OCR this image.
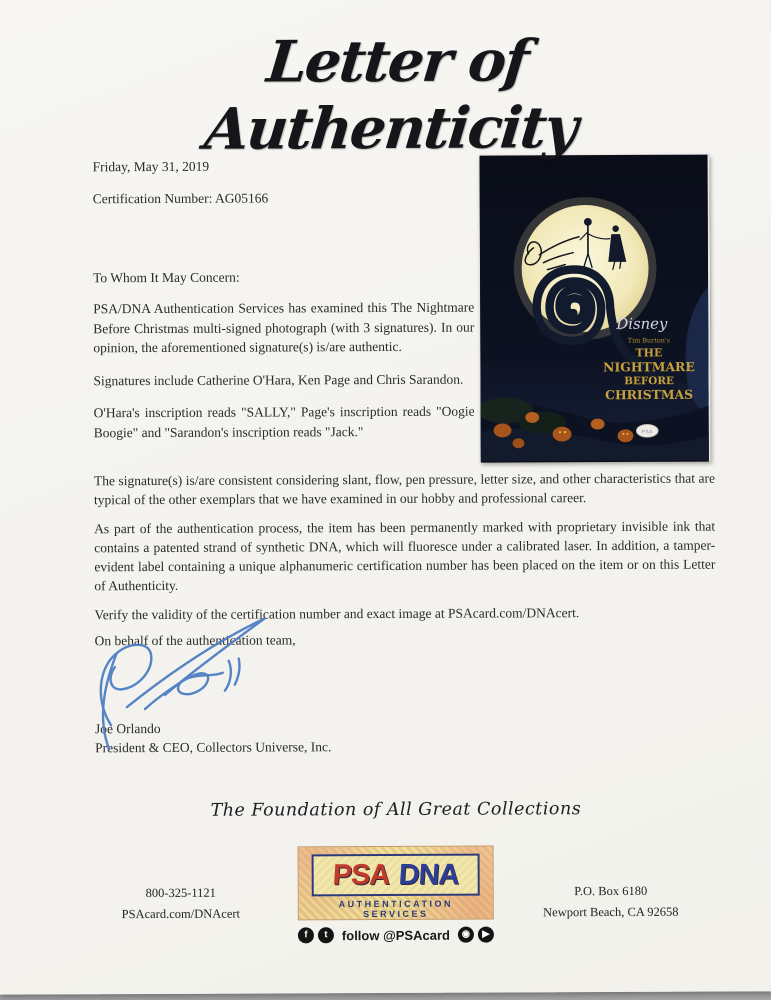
Letter of Authenticity
Friday, May 31, 2019
Certification Number: AG05166
To Whom It May Concern:

PSA/DNA Authentication Services has examined this The Nightmare Before Christmas multi-signed photograph (with 3 signatures). In our opinion, the aforementioned signature(s) is/are authentic.

Signatures include Catherine O'Hara, Ken Page and Chris Sarandon.

O'Hara's inscription reads "SALLY," Page's inscription reads "Oogie Boogie" and "Sarandon's inscription reads "Jack."

Disney
Tim Burton's
THE
NIGHTMARE
BEFORE
CHRISTMAS
PSA

The signature(s) is/are consistent considering slant, flow, pen pressure, letter size, and other characteristics that are typical of the other exemplars that we have examined in our hobby and professional career.

As part of the authentication process, the item has been permanently marked with proprietary invisible ink that contains a patented strand of synthetic DNA, which will fluoresce under a calibrated laser. In addition, a tamper-evident label containing a unique alphanumeric certification number has been placed on the item or on this Letter of Authenticity.

Verify the validity of the certification number and exact image at PSAcard.com/DNAcert.

On behalf of the authentication team,

Joe Orlando
President & CEO, Collectors Universe, Inc.
The Foundation of All Great Collections
800-325-1121
PSAcard.com/DNAcert
PSA DNA
AUTHENTICATION SERVICES
f	t	follow @PSAcard	◉	▶
P.O. Box 6180
Newport Beach, CA 92658
